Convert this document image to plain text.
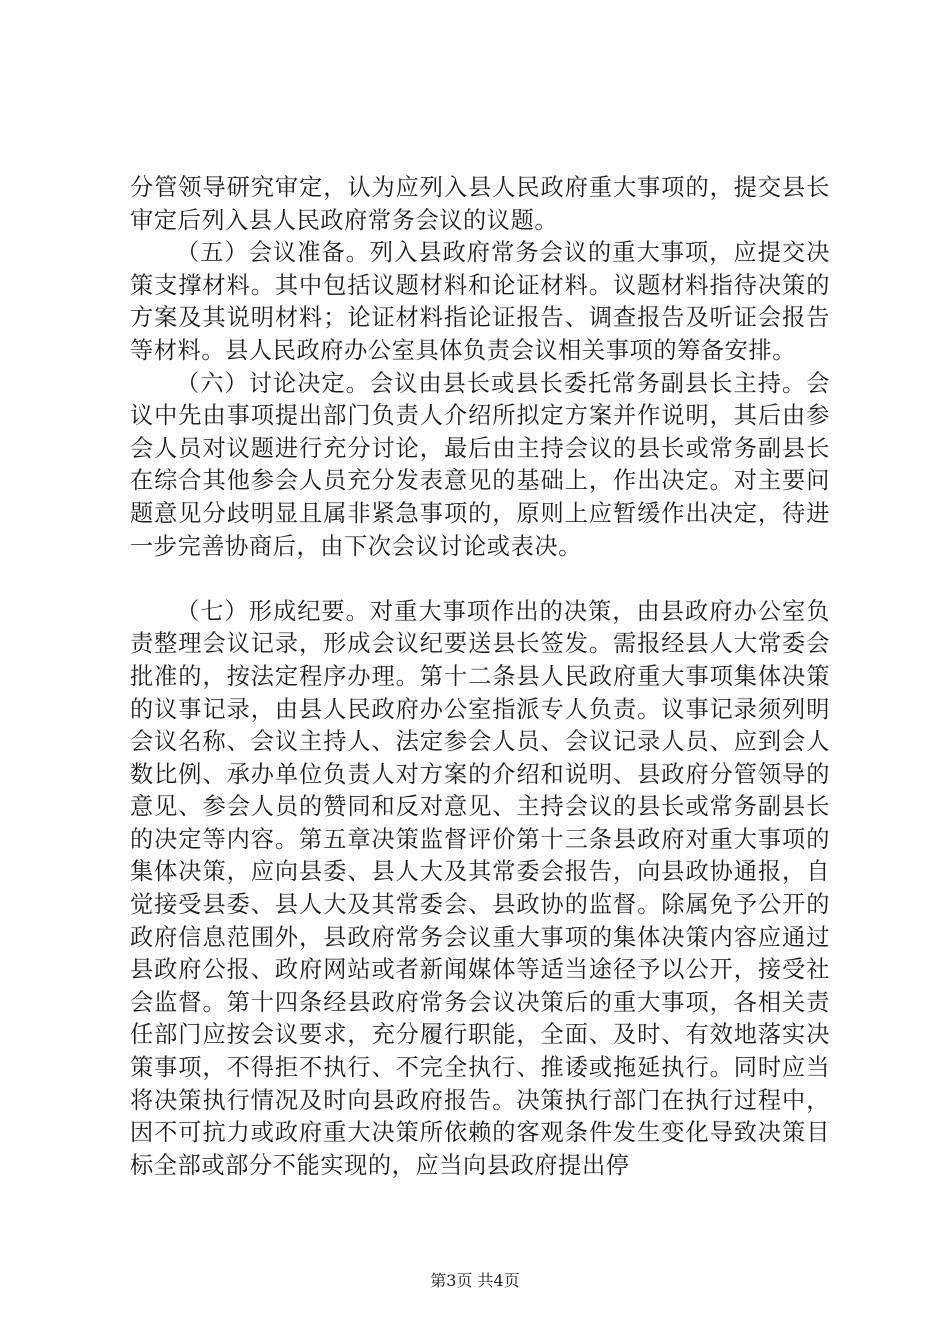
分管领导研究审定，认为应列入县人民政府重大事项的，提交县长审定后列入县人民政府常务会议的议题。

（五）会议准备。列入县政府常务会议的重大事项，应提交决策支撑材料。其中包括议题材料和论证材料。议题材料指待决策的方案及其说明材料；论证材料指论证报告、调查报告及听证会报告等材料。县人民政府办公室具体负责会议相关事项的筹备安排。

（六）讨论决定。会议由县长或县长委托常务副县长主持。会议中先由事项提出部门负责人介绍所拟定方案并作说明，其后由参会人员对议题进行充分讨论，最后由主持会议的县长或常务副县长在综合其他参会人员充分发表意见的基础上，作出决定。对主要问题意见分歧明显且属非紧急事项的，原则上应暂缓作出决定，待进一步完善协商后，由下次会议讨论或表决。

（七）形成纪要。对重大事项作出的决策，由县政府办公室负责整理会议记录，形成会议纪要送县长签发。需报经县人大常委会批准的，按法定程序办理。第十二条县人民政府重大事项集体决策的议事记录，由县人民政府办公室指派专人负责。议事记录须列明会议名称、会议主持人、法定参会人员、会议记录人员、应到会人数比例、承办单位负责人对方案的介绍和说明、县政府分管领导的意见、参会人员的赞同和反对意见、主持会议的县长或常务副县长的决定等内容。第五章决策监督评价第十三条县政府对重大事项的集体决策，应向县委、县人大及其常委会报告，向县政协通报，自觉接受县委、县人大及其常委会、县政协的监督。除属免予公开的政府信息范围外，县政府常务会议重大事项的集体决策内容应通过县政府公报、政府网站或者新闻媒体等适当途径予以公开，接受社会监督。第十四条经县政府常务会议决策后的重大事项，各相关责任部门应按会议要求，充分履行职能，全面、及时、有效地落实决策事项，不得拒不执行、不完全执行、推诿或拖延执行。同时应当将决策执行情况及时向县政府报告。决策执行部门在执行过程中，因不可抗力或政府重大决策所依赖的客观条件发生变化导致决策目标全部或部分不能实现的，应当向县政府提出停

第3页 共4页
